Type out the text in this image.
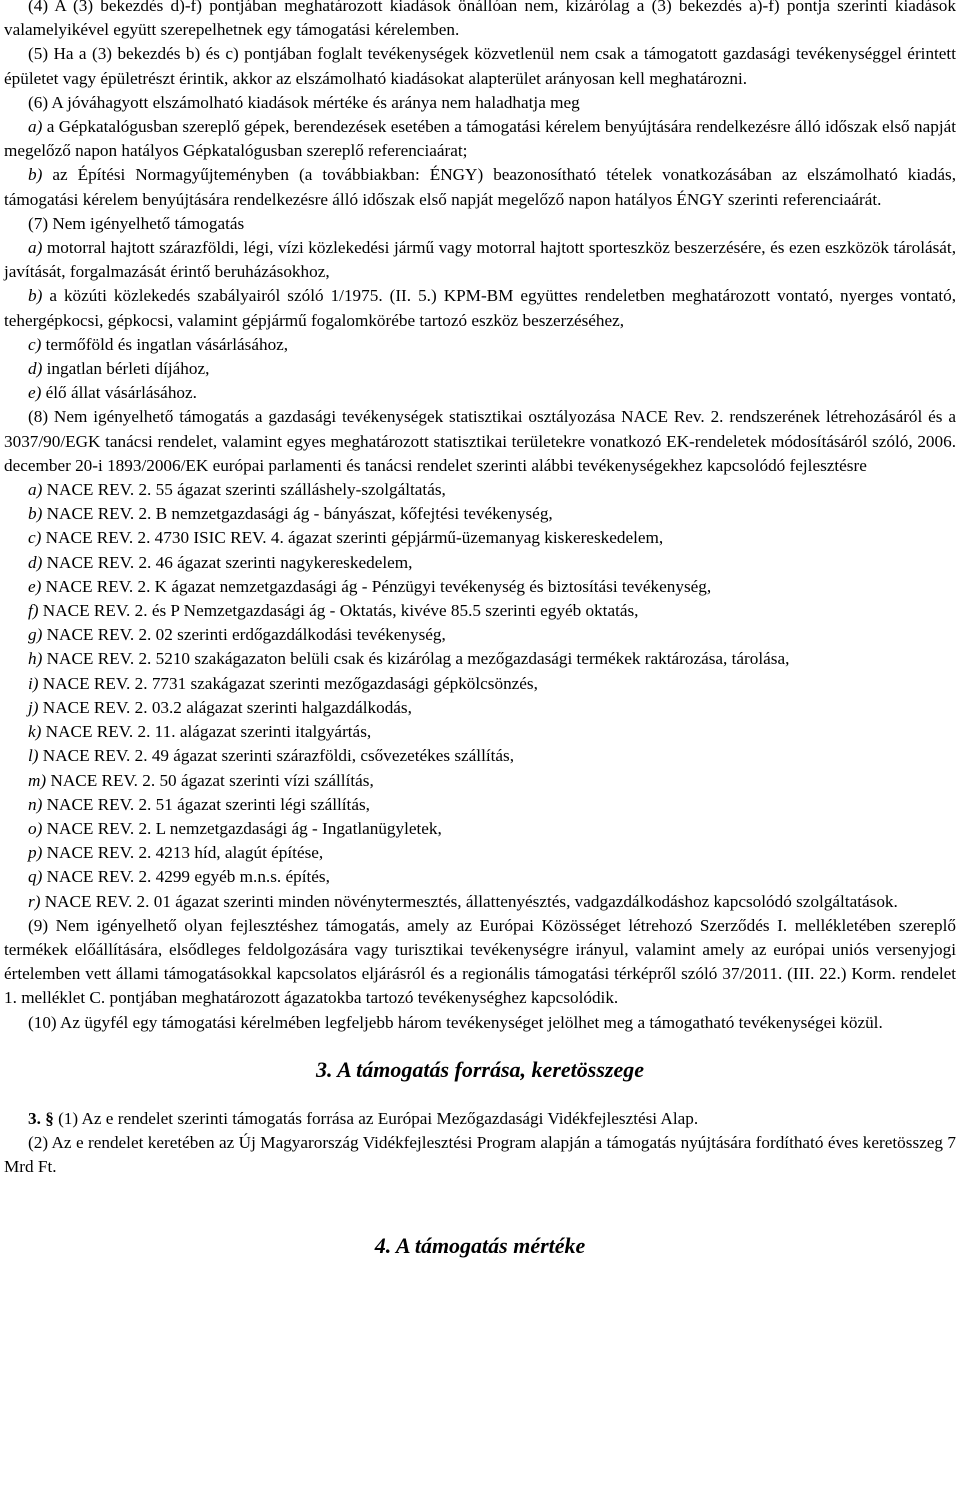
(4) A (3) bekezdés d)-f) pontjában meghatározott kiadások önállóan nem, kizárólag a (3) bekezdés a)-f) pontja szerinti kiadások valamelyikével együtt szerepelhetnek egy támogatási kérelemben.

(5) Ha a (3) bekezdés b) és c) pontjában foglalt tevékenységek közvetlenül nem csak a támogatott gazdasági tevékenységgel érintett épületet vagy épületrészt érintik, akkor az elszámolható kiadásokat alapterület arányosan kell meghatározni.

(6) A jóváhagyott elszámolható kiadások mértéke és aránya nem haladhatja meg

a) a Gépkatalógusban szereplő gépek, berendezések esetében a támogatási kérelem benyújtására rendelkezésre álló időszak első napját megelőző napon hatályos Gépkatalógusban szereplő referenciaárat;

b) az Építési Normagyűjteményben (a továbbiakban: ÉNGY) beazonosítható tételek vonatkozásában az elszámolható kiadás, támogatási kérelem benyújtására rendelkezésre álló időszak első napját megelőző napon hatályos ÉNGY szerinti referenciaárát.

(7) Nem igényelhető támogatás

a) motorral hajtott szárazföldi, légi, vízi közlekedési jármű vagy motorral hajtott sporteszköz beszerzésére, és ezen eszközök tárolását, javítását, forgalmazását érintő beruházásokhoz,

b) a közúti közlekedés szabályairól szóló 1/1975. (II. 5.) KPM-BM együttes rendeletben meghatározott vontató, nyerges vontató, tehergépkocsi, gépkocsi, valamint gépjármű fogalomkörébe tartozó eszköz beszerzéséhez,

c) termőföld és ingatlan vásárlásához,

d) ingatlan bérleti díjához,

e) élő állat vásárlásához.

(8) Nem igényelhető támogatás a gazdasági tevékenységek statisztikai osztályozása NACE Rev. 2. rendszerének létrehozásáról és a 3037/90/EGK tanácsi rendelet, valamint egyes meghatározott statisztikai területekre vonatkozó EK-rendeletek módosításáról szóló, 2006. december 20-i 1893/2006/EK európai parlamenti és tanácsi rendelet szerinti alábbi tevékenységekhez kapcsolódó fejlesztésre

a) NACE REV. 2. 55 ágazat szerinti szálláshely-szolgáltatás,

b) NACE REV. 2. B nemzetgazdasági ág - bányászat, kőfejtési tevékenység,

c) NACE REV. 2. 4730 ISIC REV. 4. ágazat szerinti gépjármű-üzemanyag kiskereskedelem,

d) NACE REV. 2. 46 ágazat szerinti nagykereskedelem,

e) NACE REV. 2. K ágazat nemzetgazdasági ág - Pénzügyi tevékenység és biztosítási tevékenység,

f) NACE REV. 2. és P Nemzetgazdasági ág - Oktatás, kivéve 85.5 szerinti egyéb oktatás,

g) NACE REV. 2. 02 szerinti erdőgazdálkodási tevékenység,

h) NACE REV. 2. 5210 szakágazaton belüli csak és kizárólag a mezőgazdasági termékek raktározása, tárolása,

i) NACE REV. 2. 7731 szakágazat szerinti mezőgazdasági gépkölcsönzés,

j) NACE REV. 2. 03.2 alágazat szerinti halgazdálkodás,

k) NACE REV. 2. 11. alágazat szerinti italgyártás,

l) NACE REV. 2. 49 ágazat szerinti szárazföldi, csővezetékes szállítás,

m) NACE REV. 2. 50 ágazat szerinti vízi szállítás,

n) NACE REV. 2. 51 ágazat szerinti légi szállítás,

o) NACE REV. 2. L nemzetgazdasági ág - Ingatlanügyletek,

p) NACE REV. 2. 4213 híd, alagút építése,

q) NACE REV. 2. 4299 egyéb m.n.s. építés,

r) NACE REV. 2. 01 ágazat szerinti minden növénytermesztés, állattenyésztés, vadgazdálkodáshoz kapcsolódó szolgáltatások.

(9) Nem igényelhető olyan fejlesztéshez támogatás, amely az Európai Közösséget létrehozó Szerződés I. mellékletében szereplő termékek előállítására, elsődleges feldolgozására vagy turisztikai tevékenységre irányul, valamint amely az európai uniós versenyjogi értelemben vett állami támogatásokkal kapcsolatos eljárásról és a regionális támogatási térképről szóló 37/2011. (III. 22.) Korm. rendelet 1. melléklet C. pontjában meghatározott ágazatokba tartozó tevékenységhez kapcsolódik.

(10) Az ügyfél egy támogatási kérelmében legfeljebb három tevékenységet jelölhet meg a támogatható tevékenységei közül.

3. A támogatás forrása, keretösszege

3. § (1) Az e rendelet szerinti támogatás forrása az Európai Mezőgazdasági Vidékfejlesztési Alap.

(2) Az e rendelet keretében az Új Magyarország Vidékfejlesztési Program alapján a támogatás nyújtására fordítható éves keretösszeg 7 Mrd Ft.

4. A támogatás mértéke
